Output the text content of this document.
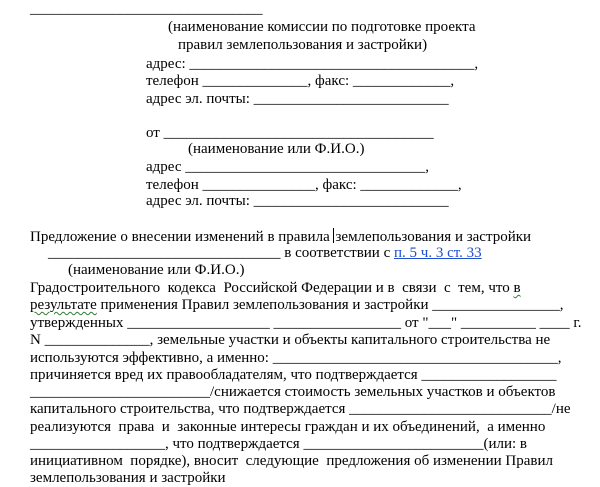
_______________________________

(наименование комиссии по подготовке проекта

правил землепользования и застройки)

адрес: ______________________________________,

телефон ______________, факс: _____________,

адрес эл. почты: __________________________

от ____________________________________

(наименование или Ф.И.О.)

адрес ________________________________,

телефон _______________, факс: _____________,

адрес эл. почты: __________________________

Предложение о внесении изменений в правила землепользования и застройки

_______________________________ в соответствии с п. 5 ч. 3 ст. 33

(наименование или Ф.И.О.)

Градостроительного  кодекса  Российской Федерации и в  связи  с  тем, что в

результате применения Правил землепользования и застройки _________________,

утвержденных ___________________ _________________ от "___" __________ ____ г.

N ______________, земельные участки и объекты капитального строительства не

используются эффективно, а именно: ______________________________________,

причиняется вред их правообладателям, что подтверждается __________________

________________________/снижается стоимость земельных участков и объектов

капитального строительства, что подтверждается ___________________________/не

реализуются  права  и  законные интересы граждан и их объединений,  а именно

__________________, что подтверждается ________________________(или: в

инициативном  порядке), вносит  следующие  предложения об изменении Правил

землепользования и застройки
